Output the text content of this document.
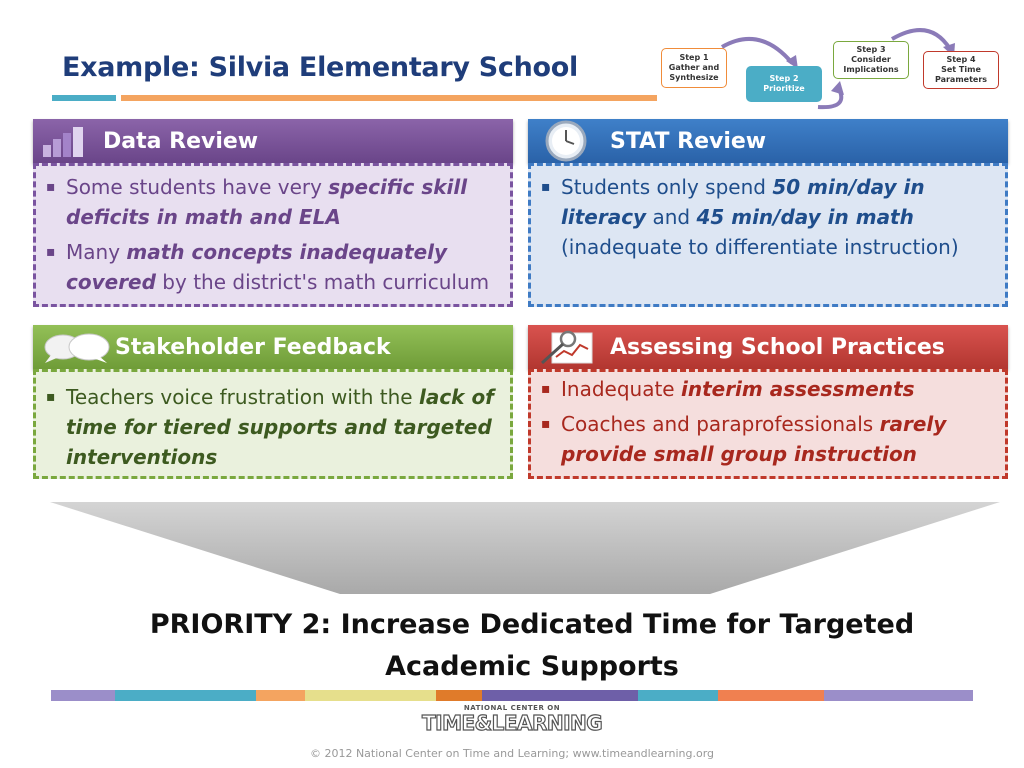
Example: Silvia Elementary School	Step 1
Gather and
Synthesize	Step 2
Prioritize
Step 3
Consider
Implications
Step 4
Set Time
Parameters
Data Review
▪ Some students have very specific skill deficits in math and ELA
▪ Many math concepts inadequately covered by the district's math curriculum
STAT Review
▪ Students only spend 50 min/day in literacy and 45 min/day in math (inadequate to differentiate instruction)
Stakeholder Feedback
▪ Teachers voice frustration with the lack of time for tiered supports and targeted interventions
Assessing School Practices
▪ Inadequate interim assessments
▪ Coaches and paraprofessionals rarely provide small group instruction
PRIORITY 2: Increase Dedicated Time for Targeted
Academic Supports
NATIONAL CENTER ON
TIME&LEARNING
© 2012 National Center on Time and Learning; www.timeandlearning.org
